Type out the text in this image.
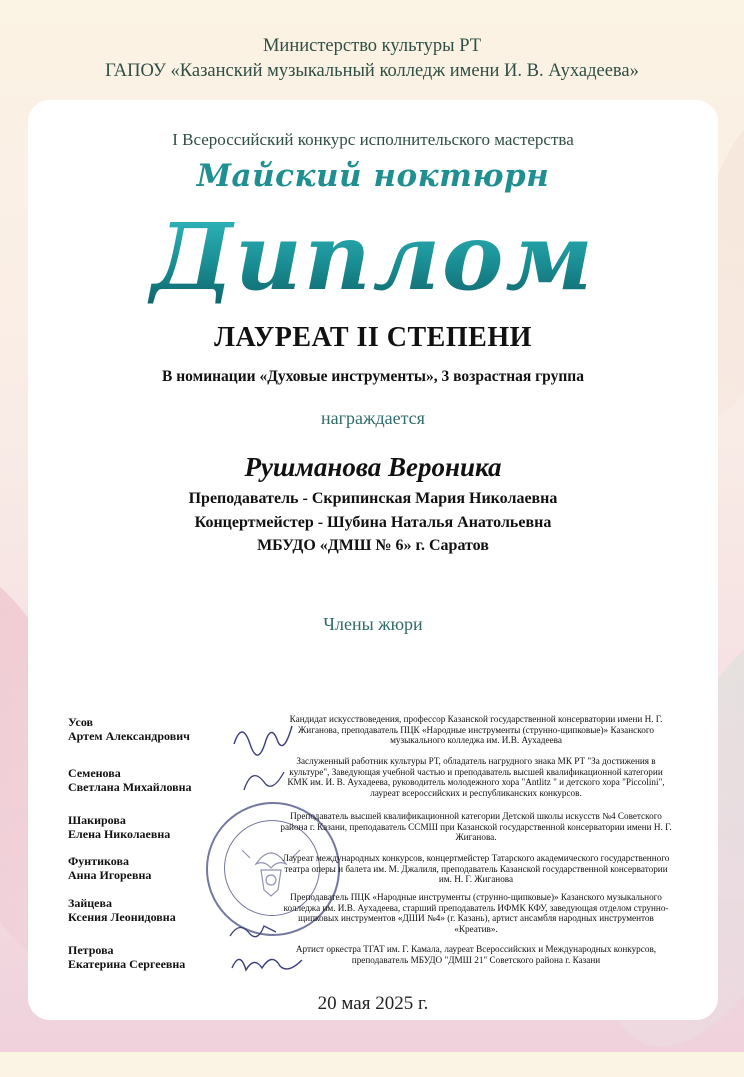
Министерство культуры РТ
ГАПОУ «Казанский музыкальный колледж имени И. В. Аухадеева»
I Всероссийский конкурс исполнительского мастерства
Майский ноктюрн
Диплом
ЛАУРЕАТ II СТЕПЕНИ
В номинации «Духовые инструменты», 3 возрастная группа
награждается
Рушманова Вероника
Преподаватель - Скрипинская Мария Николаевна
Концертмейстер - Шубина Наталья Анатольевна
МБУДО «ДМШ № 6» г. Саратов
Члены жюри
Усов
Артем Александрович
Кандидат искусствоведения, профессор Казанской государственной консерватории имени Н. Г. Жиганова, преподаватель ПЦК «Народные инструменты (струнно-щипковые)» Казанского музыкального колледжа им. И.В. Аухадеева
Семенова
Светлана Михайловна
Заслуженный работник культуры РТ, обладатель нагрудного знака МК РТ "За достижения в культуре", Заведующая учебной частью и преподаватель высшей квалификационной категории КМК им. И. В. Аухадеева, руководитель молодежного хора "Antlitz " и детского хора "Piccolini", лауреат всероссийских и республиканских конкурсов.
Шакирова
Елена Николаевна
Преподаватель высшей квалификационной категории Детской школы искусств №4 Советского района г. Казани, преподаватель ССМШ при Казанской государственной консерватории имени Н. Г. Жиганова.
Фунтикова
Анна Игоревна
Лауреат международных конкурсов, концертмейстер Татарского академического государственного театра оперы и балета им. М. Джалиля, преподаватель Казанской государственной консерватории им. Н. Г. Жиганова
Зайцева
Ксения Леонидовна
Преподаватель ПЦК «Народные инструменты (струнно-щипковые)» Казанского музыкального колледжа им. И.В. Аухадеева, старший преподаватель ИФМК КФУ, заведующая отделом струнно-щипковых инструментов «ДШИ №4» (г. Казань), артист ансамбля народных инструментов «Креатив».
Петрова
Екатерина Сергеевна
Артист оркестра ТГАТ им. Г. Камала, лауреат Всероссийских и Международных конкурсов, преподаватель МБУДО "ДМШ 21" Советского района г. Казани
20 мая 2025 г.
